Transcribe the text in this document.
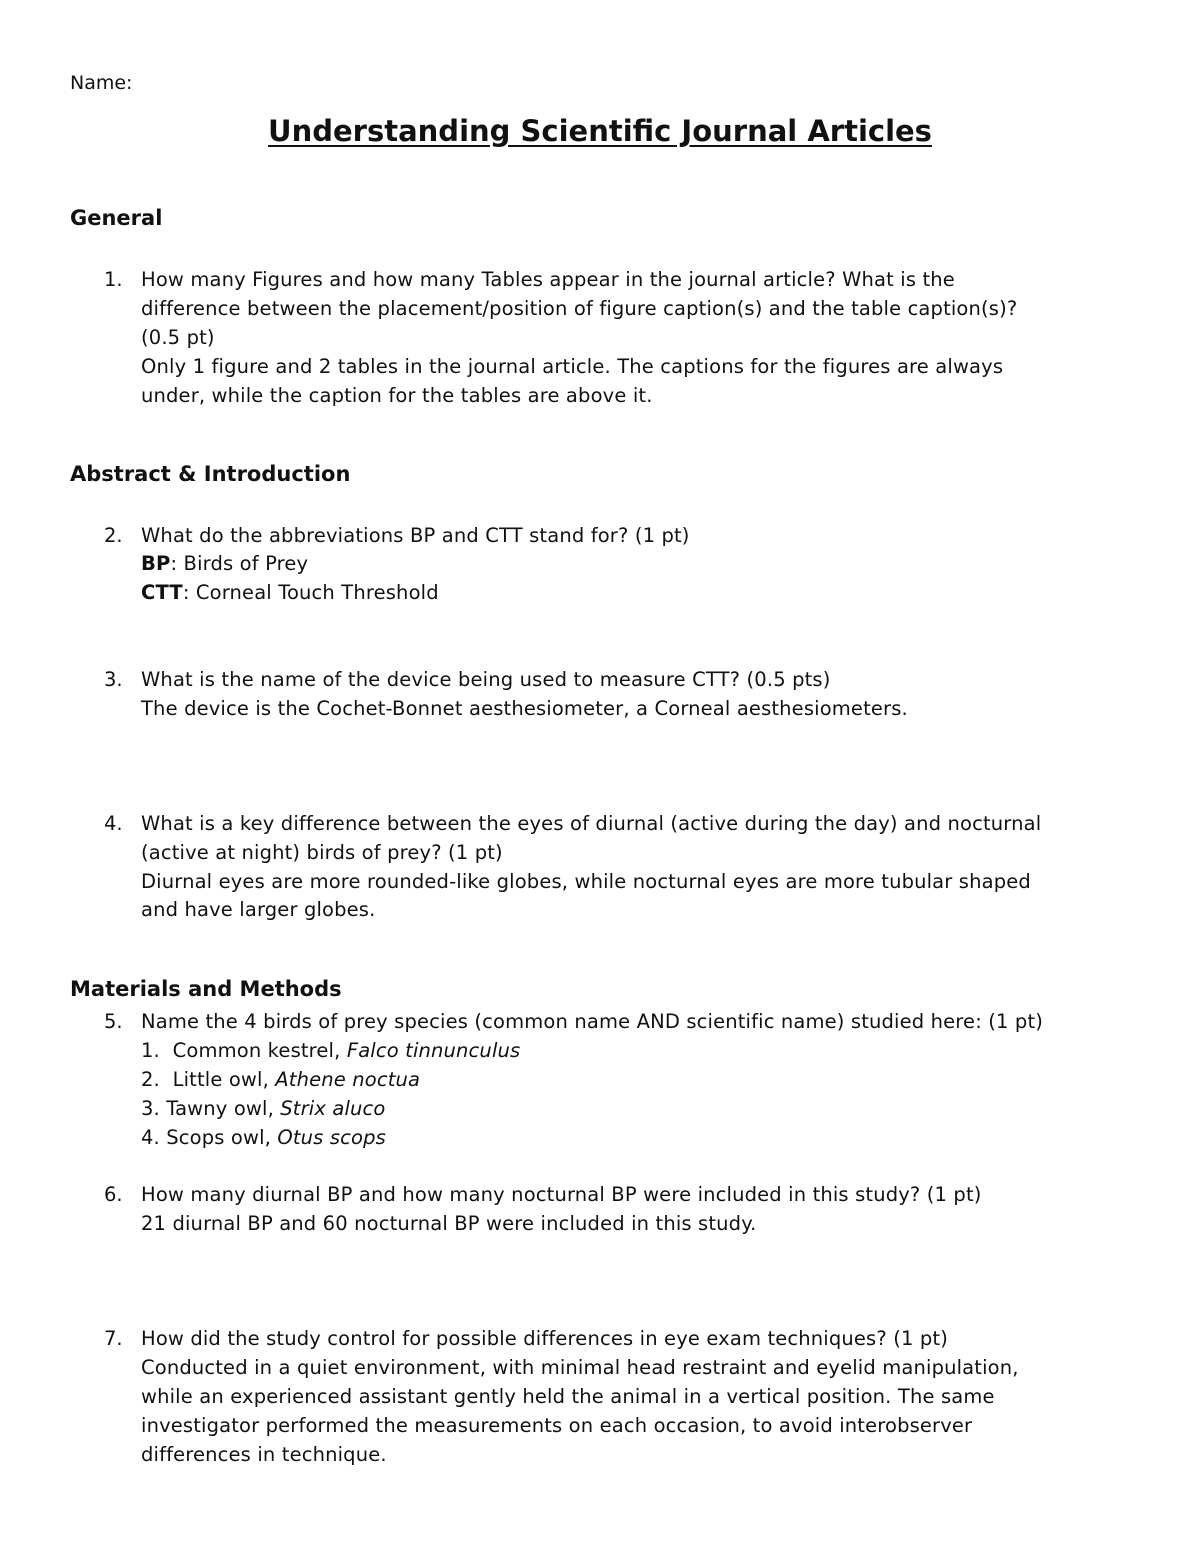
Name:
Understanding Scientific Journal Articles
General
1. How many Figures and how many Tables appear in the journal article? What is the
difference between the placement/position of figure caption(s) and the table caption(s)?
(0.5 pt)
Only 1 figure and 2 tables in the journal article. The captions for the figures are always
under, while the caption for the tables are above it.
Abstract & Introduction
2. What do the abbreviations BP and CTT stand for? (1 pt)
BP: Birds of Prey
CTT: Corneal Touch Threshold
3. What is the name of the device being used to measure CTT? (0.5 pts)
The device is the Cochet-Bonnet aesthesiometer, a Corneal aesthesiometers.
4. What is a key difference between the eyes of diurnal (active during the day) and nocturnal
(active at night) birds of prey? (1 pt)
Diurnal eyes are more rounded-like globes, while nocturnal eyes are more tubular shaped
and have larger globes.
Materials and Methods
5. Name the 4 birds of prey species (common name AND scientific name) studied here: (1 pt)
1.  Common kestrel, Falco tinnunculus
2.  Little owl, Athene noctua
3. Tawny owl, Strix aluco
4. Scops owl, Otus scops
6. How many diurnal BP and how many nocturnal BP were included in this study? (1 pt)
21 diurnal BP and 60 nocturnal BP were included in this study.
7. How did the study control for possible differences in eye exam techniques? (1 pt)
Conducted in a quiet environment, with minimal head restraint and eyelid manipulation,
while an experienced assistant gently held the animal in a vertical position. The same
investigator performed the measurements on each occasion, to avoid interobserver
differences in technique.
